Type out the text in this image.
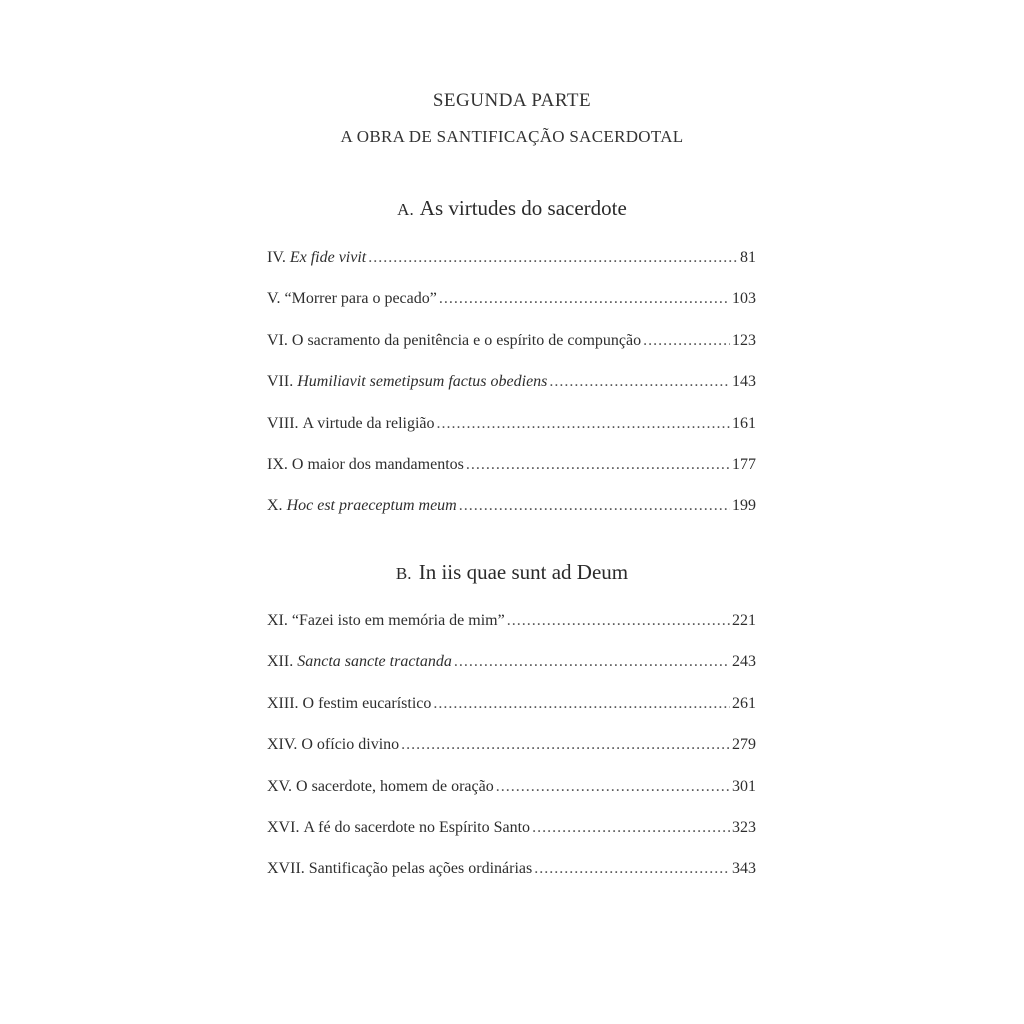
SEGUNDA PARTE
A OBRA DE SANTIFICAÇÃO SACERDOTAL
A. As virtudes do sacerdote
IV. Ex fide vivit .....	81
V. “Morrer para o pecado” .....	103
VI. O sacramento da penitência e o espírito de compunção .....	123
VII. Humiliavit semetipsum factus obediens .....	143
VIII. A virtude da religião .....	161
IX. O maior dos mandamentos .....	177
X. Hoc est praeceptum meum .....	199
B. In iis quae sunt ad Deum
XI. “Fazei isto em memória de mim” .....	221
XII. Sancta sancte tractanda .....	243
XIII. O festim eucarístico .....	261
XIV. O ofício divino .....	279
XV. O sacerdote, homem de oração .....	301
XVI. A fé do sacerdote no Espírito Santo .....	323
XVII. Santificação pelas ações ordinárias .....	343
